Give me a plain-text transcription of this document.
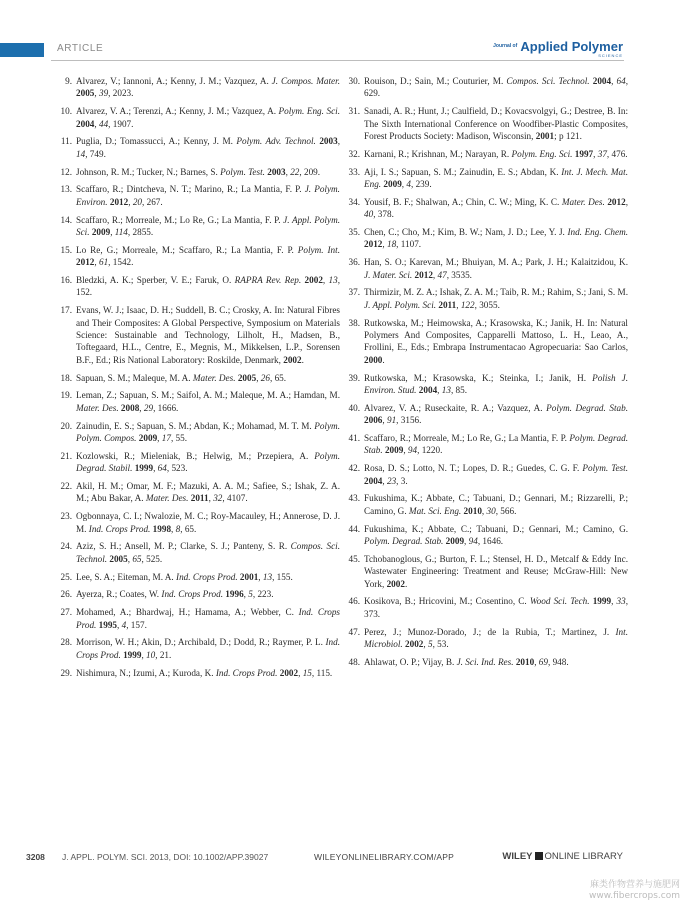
ARTICLE	$^{Journal of}$ Applied Polymer
SCIENCE
9. Alvarez, V.; Iannoni, A.; Kenny, J. M.; Vazquez, A. J. Compos. Mater. 2005, 39, 2023.
10. Alvarez, V. A.; Terenzi, A.; Kenny, J. M.; Vazquez, A. Polym. Eng. Sci. 2004, 44, 1907.
11. Puglia, D.; Tomassucci, A.; Kenny, J. M. Polym. Adv. Technol. 2003, 14, 749.
12. Johnson, R. M.; Tucker, N.; Barnes, S. Polym. Test. 2003, 22, 209.
13. Scaffaro, R.; Dintcheva, N. T.; Marino, R.; La Mantia, F. P. J. Polym. Environ. 2012, 20, 267.
14. Scaffaro, R.; Morreale, M.; Lo Re, G.; La Mantia, F. P. J. Appl. Polym. Sci. 2009, 114, 2855.
15. Lo Re, G.; Morreale, M.; Scaffaro, R.; La Mantia, F. P. Polym. Int. 2012, 61, 1542.
16. Bledzki, A. K.; Sperber, V. E.; Faruk, O. RAPRA Rev. Rep. 2002, 13, 152.
17. Evans, W. J.; Isaac, D. H.; Suddell, B. C.; Crosky, A. In: Natural Fibres and Their Composites: A Global Perspective, Symposium on Materials Science: Sustainable and Technology, Lilholt, H., Madsen, B., Toftegaard, H.L., Centre, E., Megnis, M., Mikkelsen, L.P., Sorensen B.F., Ed.; Ris National Laboratory: Roskilde, Denmark, 2002.
18. Sapuan, S. M.; Maleque, M. A. Mater. Des. 2005, 26, 65.
19. Leman, Z.; Sapuan, S. M.; Saifol, A. M.; Maleque, M. A.; Hamdan, M. Mater. Des. 2008, 29, 1666.
20. Zainudin, E. S.; Sapuan, S. M.; Abdan, K.; Mohamad, M. T. M. Polym. Polym. Compos. 2009, 17, 55.
21. Kozlowski, R.; Mieleniak, B.; Helwig, M.; Przepiera, A. Polym. Degrad. Stabil. 1999, 64, 523.
22. Akil, H. M.; Omar, M. F.; Mazuki, A. A. M.; Safiee, S.; Ishak, Z. A. M.; Abu Bakar, A. Mater. Des. 2011, 32, 4107.
23. Ogbonnaya, C. I.; Nwalozie, M. C.; Roy-Macauley, H.; Annerose, D. J. M. Ind. Crops Prod. 1998, 8, 65.
24. Aziz, S. H.; Ansell, M. P.; Clarke, S. J.; Panteny, S. R. Compos. Sci. Technol. 2005, 65, 525.
25. Lee, S. A.; Eiteman, M. A. Ind. Crops Prod. 2001, 13, 155.
26. Ayerza, R.; Coates, W. Ind. Crops Prod. 1996, 5, 223.
27. Mohamed, A.; Bhardwaj, H.; Hamama, A.; Webber, C. Ind. Crops Prod. 1995, 4, 157.
28. Morrison, W. H.; Akin, D.; Archibald, D.; Dodd, R.; Raymer, P. L. Ind. Crops Prod. 1999, 10, 21.
29. Nishimura, N.; Izumi, A.; Kuroda, K. Ind. Crops Prod. 2002, 15, 115.
30. Rouison, D.; Sain, M.; Couturier, M. Compos. Sci. Technol. 2004, 64, 629.
31. Sanadi, A. R.; Hunt, J.; Caulfield, D.; Kovacsvolgyi, G.; Destree, B. In: The Sixth International Conference on Woodfiber-Plastic Composites, Forest Products Society: Madison, Wisconsin, 2001; p 121.
32. Karnani, R.; Krishnan, M.; Narayan, R. Polym. Eng. Sci. 1997, 37, 476.
33. Aji, I. S.; Sapuan, S. M.; Zainudin, E. S.; Abdan, K. Int. J. Mech. Mat. Eng. 2009, 4, 239.
34. Yousif, B. F.; Shalwan, A.; Chin, C. W.; Ming, K. C. Mater. Des. 2012, 40, 378.
35. Chen, C.; Cho, M.; Kim, B. W.; Nam, J. D.; Lee, Y. J. Ind. Eng. Chem. 2012, 18, 1107.
36. Han, S. O.; Karevan, M.; Bhuiyan, M. A.; Park, J. H.; Kalaitzidou, K. J. Mater. Sci. 2012, 47, 3535.
37. Thirmizir, M. Z. A.; Ishak, Z. A. M.; Taib, R. M.; Rahim, S.; Jani, S. M. J. Appl. Polym. Sci. 2011, 122, 3055.
38. Rutkowska, M.; Heimowska, A.; Krasowska, K.; Janik, H. In: Natural Polymers And Composites, Capparelli Mattoso, L. H., Leao, A., Frollini, E., Eds.; Embrapa Instrumentacao Agropecuaria: Sao Carlos, 2000.
39. Rutkowska, M.; Krasowska, K.; Steinka, I.; Janik, H. Polish J. Environ. Stud. 2004, 13, 85.
40. Alvarez, V. A.; Ruseckaite, R. A.; Vazquez, A. Polym. Degrad. Stab. 2006, 91, 3156.
41. Scaffaro, R.; Morreale, M.; Lo Re, G.; La Mantia, F. P. Polym. Degrad. Stab. 2009, 94, 1220.
42. Rosa, D. S.; Lotto, N. T.; Lopes, D. R.; Guedes, C. G. F. Polym. Test. 2004, 23, 3.
43. Fukushima, K.; Abbate, C.; Tabuani, D.; Gennari, M.; Rizzarelli, P.; Camino, G. Mat. Sci. Eng. 2010, 30, 566.
44. Fukushima, K.; Abbate, C.; Tabuani, D.; Gennari, M.; Camino, G. Polym. Degrad. Stab. 2009, 94, 1646.
45. Tchobanoglous, G.; Burton, F. L.; Stensel, H. D., Metcalf & Eddy Inc. Wastewater Engineering: Treatment and Reuse; McGraw-Hill: New York, 2002.
46. Kosikova, B.; Hricovini, M.; Cosentino, C. Wood Sci. Tech. 1999, 33, 373.
47. Perez, J.; Munoz-Dorado, J.; de la Rubia, T.; Martinez, J. Int. Microbiol. 2002, 5, 53.
48. Ahlawat, O. P.; Vijay, B. J. Sci. Ind. Res. 2010, 69, 948.
3208 J. APPL. POLYM. SCI. 2013, DOI: 10.1002/APP.39027	WILEYONLINELIBRARY.COM/APP	WILEY ONLINE LIBRARY
麻类作物营养与施肥网
www.fibercrops.com
